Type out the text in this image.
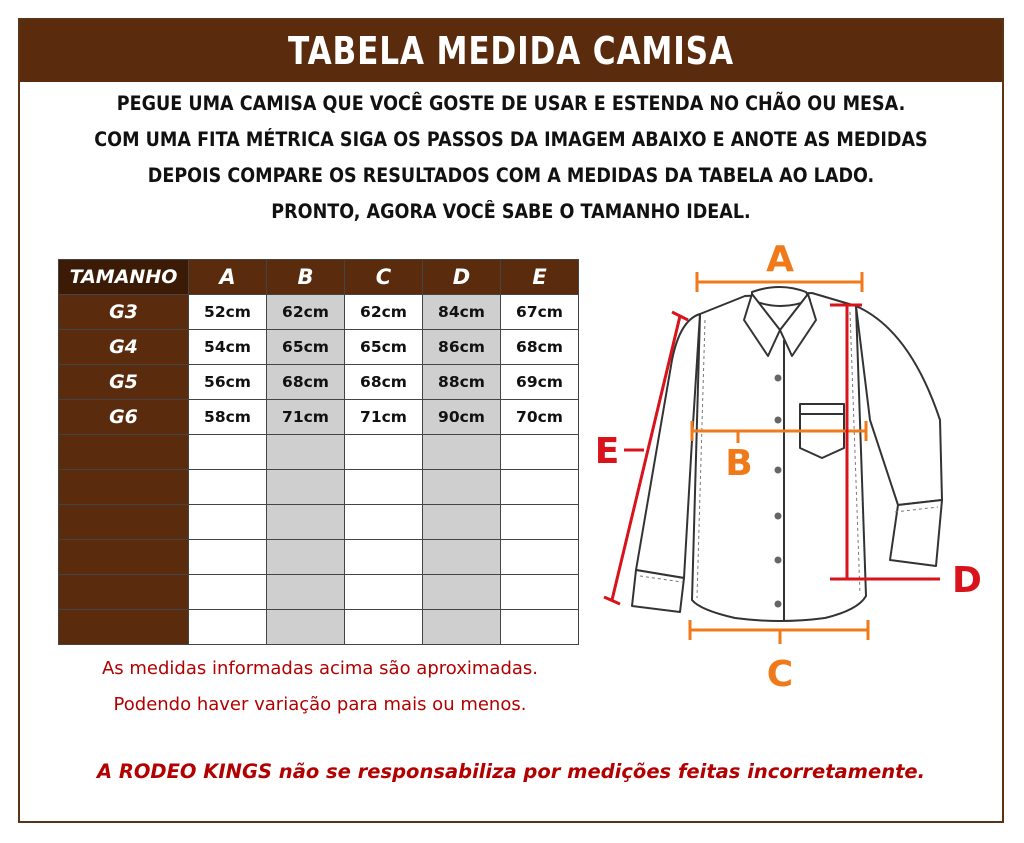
TABELA MEDIDA CAMISA
PEGUE UMA CAMISA QUE VOCÊ GOSTE DE USAR E ESTENDA NO CHÃO OU MESA.
COM UMA FITA MÉTRICA SIGA OS PASSOS DA IMAGEM ABAIXO E ANOTE AS MEDIDAS
DEPOIS COMPARE OS RESULTADOS COM A MEDIDAS DA TABELA AO LADO.
PRONTO, AGORA VOCÊ SABE O TAMANHO IDEAL.
TAMANHO	A	B	C	D	E
G3	52cm	62cm	62cm	84cm	67cm
G4	54cm	65cm	65cm	86cm	68cm
G5	56cm	68cm	68cm	88cm	69cm
G6	58cm	71cm	71cm	90cm	70cm

As medidas informadas acima são aproximadas.
Podendo haver variação para mais ou menos.
A RODEO KINGS não se responsabiliza por medições feitas incorretamente.
A
B
C
D
E
